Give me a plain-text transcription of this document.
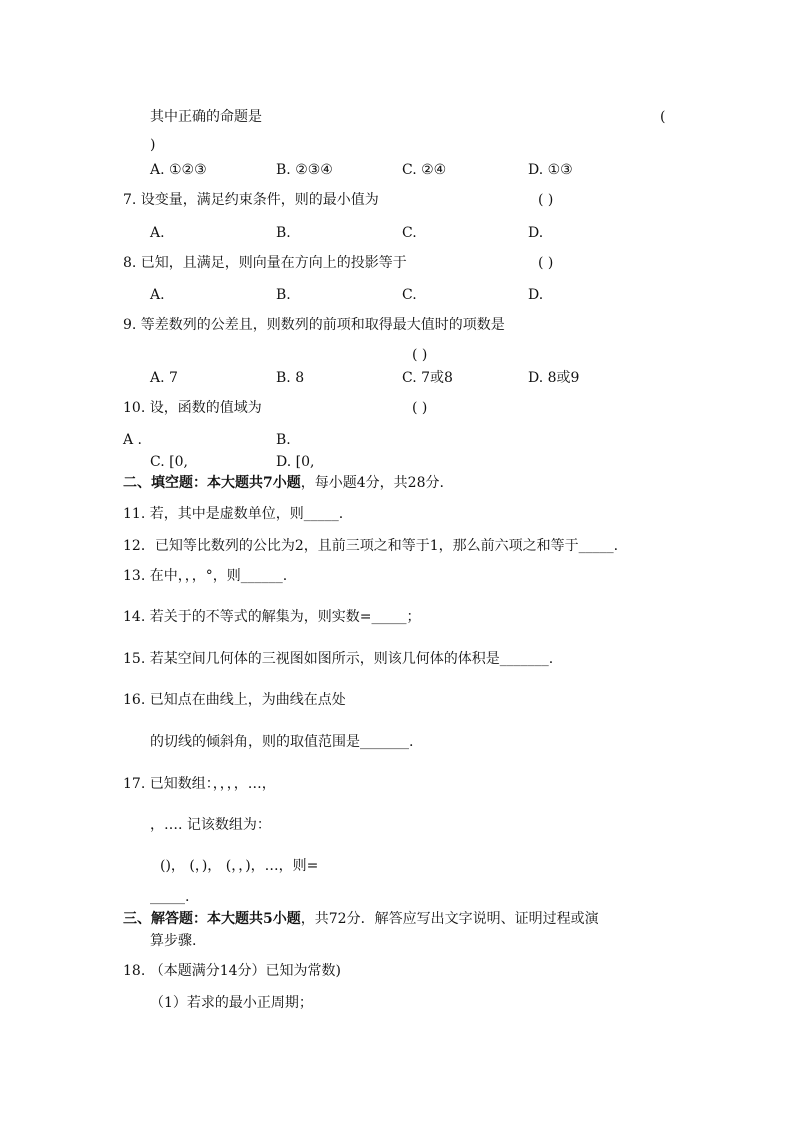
其中正确的命题是	(
)
A. ①②③	B. ②③④	C. ②④	D. ①③
7. 设变量，满足约束条件，则的最小值为	( )
A.	B.	C.	D.
8. 已知，且满足，则向量在方向上的投影等于	( )
A.	B.	C.	D.
9. 等差数列的公差且，则数列的前项和取得最大值时的项数是
( )
A. 7	B. 8	C. 7或8	D. 8或9
10. 设，函数的值域为	( )
A .	B.
C. [0,	D. [0,
二、填空题：本大题共7小题，每小题4分，共28分.
11. 若，其中是虚数单位，则_____.
12．已知等比数列的公比为2，且前三项之和等于1，那么前六项之和等于_____.
13. 在中，，，°，则______.
14. 若关于的不等式的解集为，则实数=_____；
15. 若某空间几何体的三视图如图所示，则该几何体的体积是_______.
16. 已知点在曲线上，为曲线在点处
的切线的倾斜角，则的取值范围是_______.
17. 已知数组：，，，，…，
，…. 记该数组为：
()， (，)， (，，)，…，则=
_____.
三、解答题：本大题共5小题，共72分．解答应写出文字说明、证明过程或演
算步骤.
18. （本题满分14分）已知为常数)
（1）若求的最小正周期；
